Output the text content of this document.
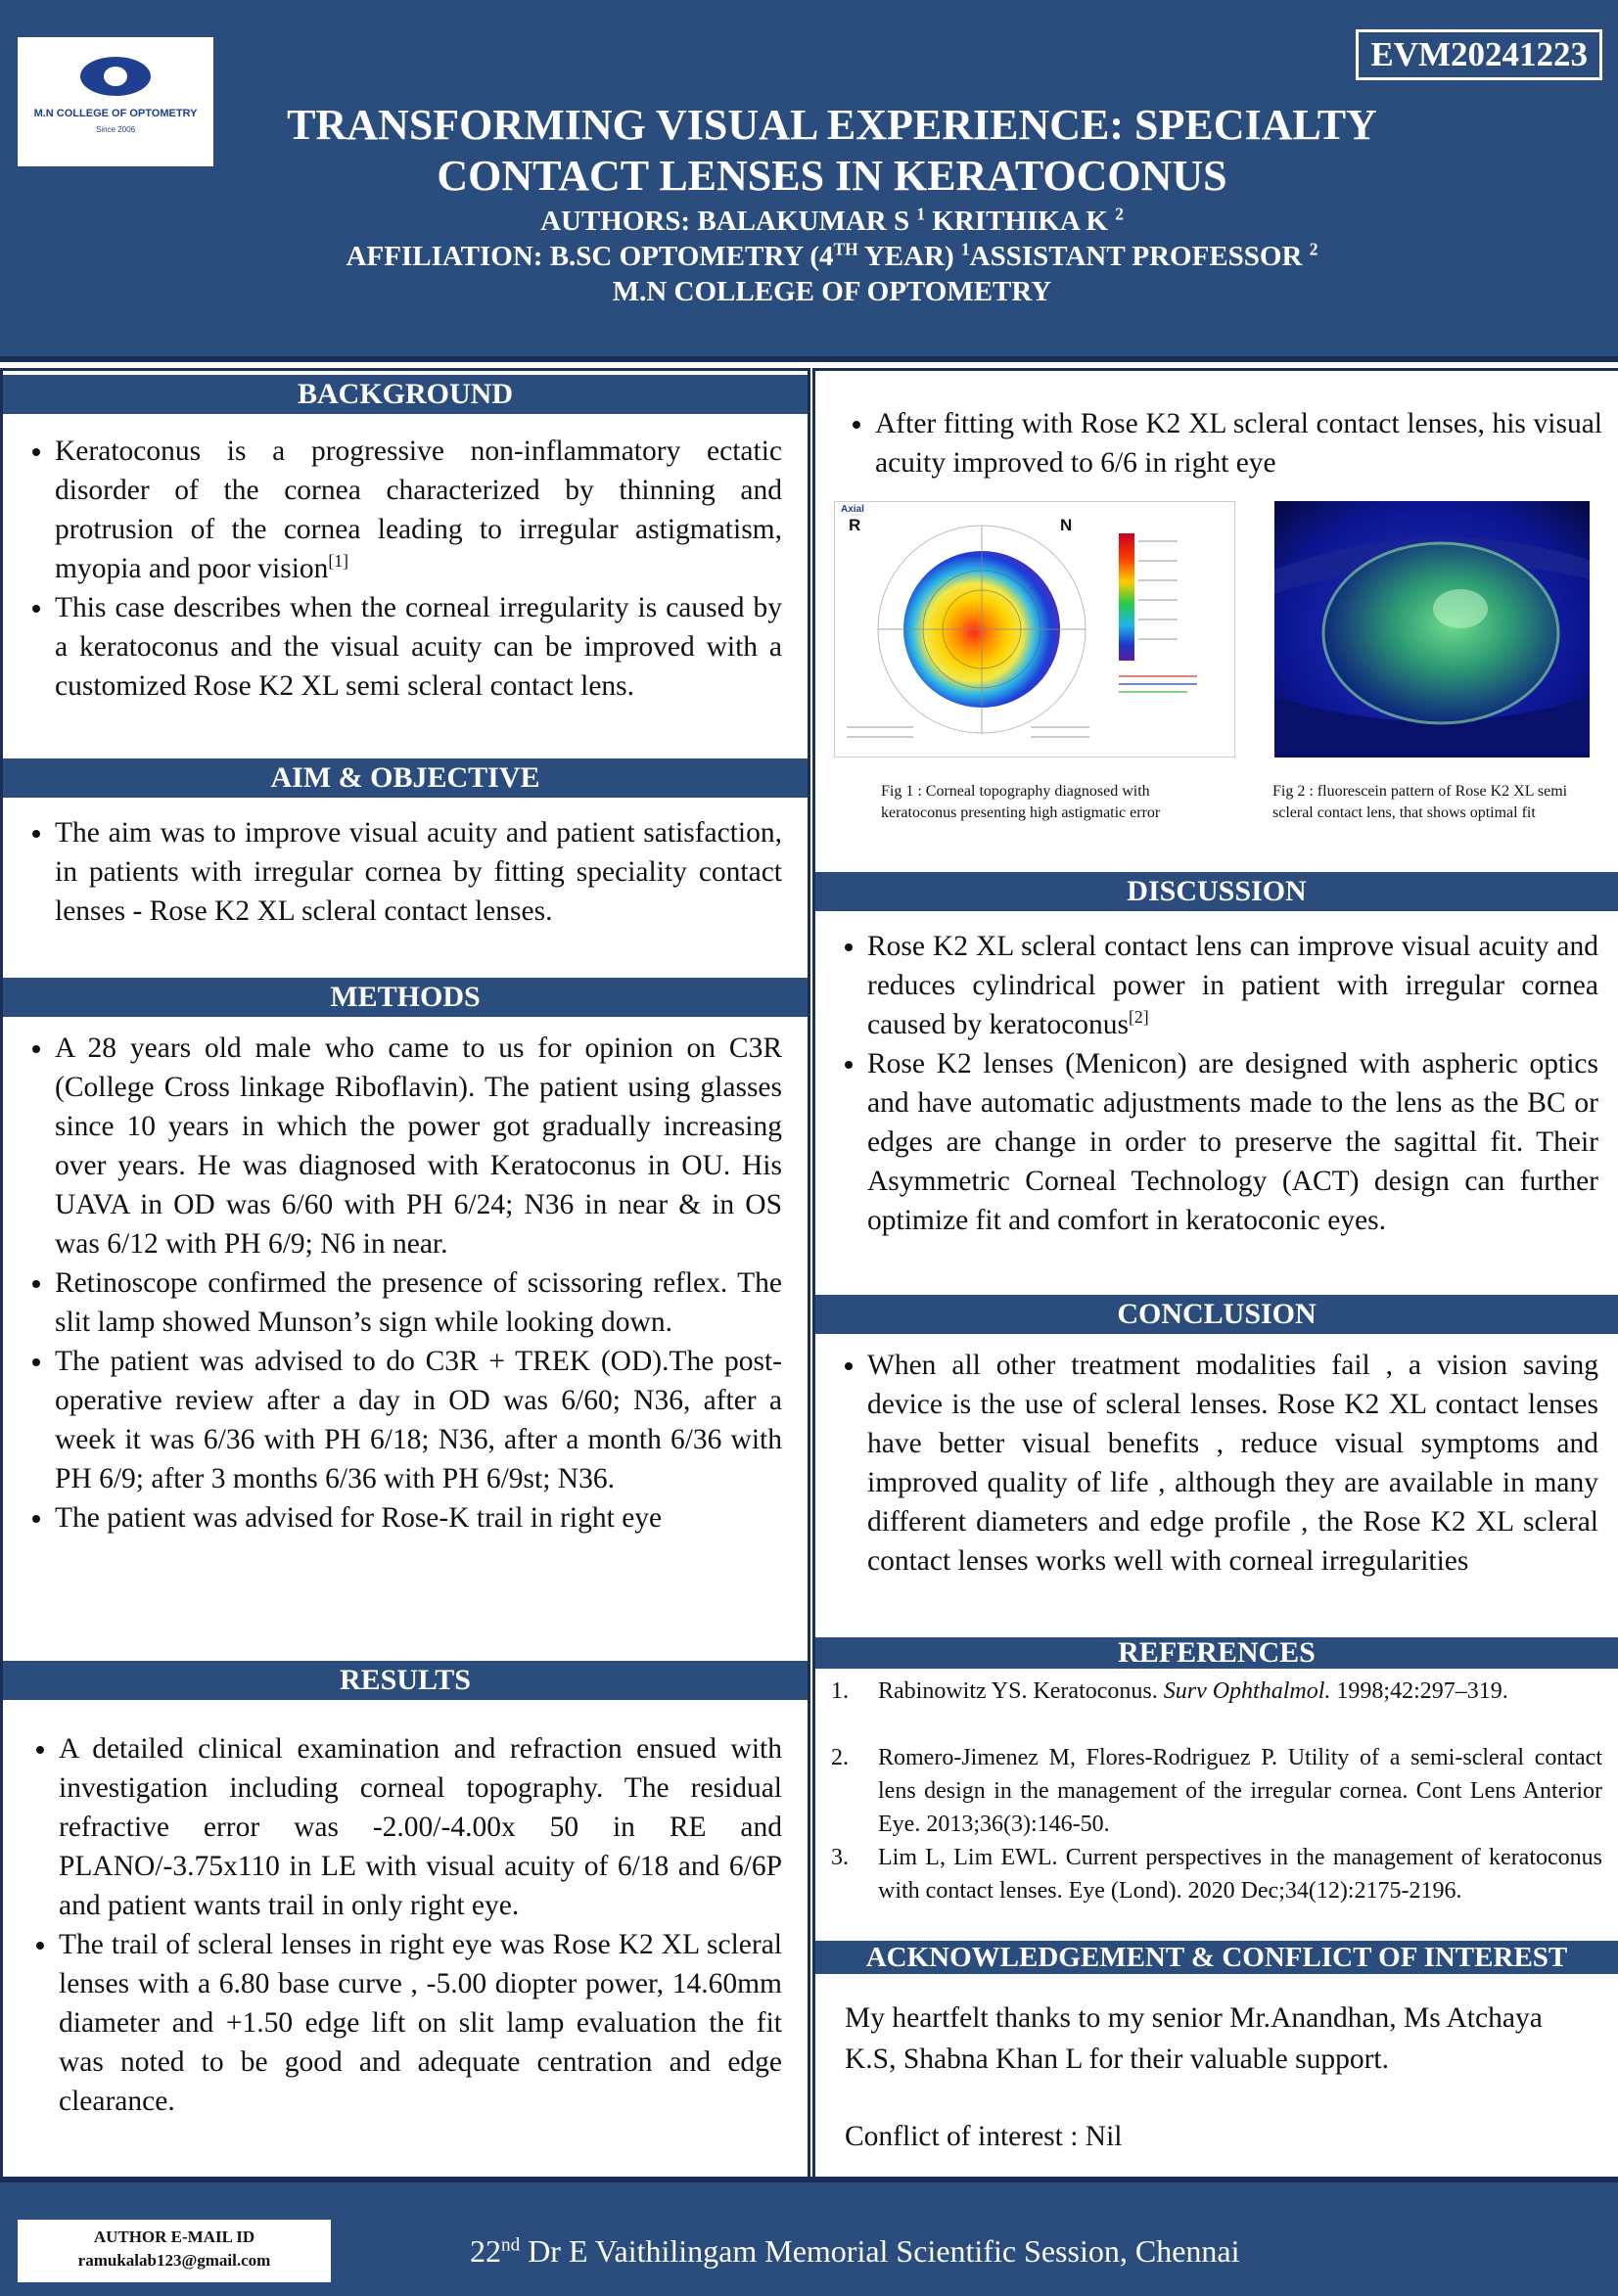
M.N COLLEGE OF OPTOMETRY
Since 2006
EVM20241223
TRANSFORMING VISUAL EXPERIENCE: SPECIALTY
CONTACT LENSES IN KERATOCONUS
AUTHORS: BALAKUMAR S $^1$ KRITHIKA K $^2$
AFFILIATION: B.SC OPTOMETRY (4TH YEAR) $^1$ASSISTANT PROFESSOR $^2$
M.N COLLEGE OF OPTOMETRY
BACKGROUND
• Keratoconus is a progressive non-inflammatory ectatic disorder of the cornea characterized by thinning and protrusion of the cornea leading to irregular astigmatism, myopia and poor vision[1]
• This case describes when the corneal irregularity is caused by a keratoconus and the visual acuity can be improved with a customized Rose K2 XL semi scleral contact lens.
AIM & OBJECTIVE
• The aim was to improve visual acuity and patient satisfaction, in patients with irregular cornea by fitting speciality contact lenses - Rose K2 XL scleral contact lenses.
METHODS
• A 28 years old male who came to us for opinion on C3R (College Cross linkage Riboflavin). The patient using glasses since 10 years in which the power got gradually increasing over years. He was diagnosed with Keratoconus in OU. His UAVA in OD was 6/60 with PH 6/24; N36 in near & in OS was 6/12 with PH 6/9; N6 in near.
• Retinoscope confirmed the presence of scissoring reflex. The slit lamp showed Munson’s sign while looking down.
• The patient was advised to do C3R + TREK (OD).The post-operative review after a day in OD was 6/60; N36, after a week it was 6/36 with PH 6/18; N36, after a month 6/36 with PH 6/9; after 3 months 6/36 with PH 6/9st; N36.
• The patient was advised for Rose-K trail in right eye
RESULTS
• A detailed clinical examination and refraction ensued with investigation including corneal topography. The residual refractive error was -2.00/-4.00x 50 in RE and PLANO/-3.75x110 in LE with visual acuity of 6/18 and 6/6P and patient wants trail in only right eye.
• The trail of scleral lenses in right eye was Rose K2 XL scleral lenses with a 6.80 base curve , -5.00 diopter power, 14.60mm diameter and +1.50 edge lift on slit lamp evaluation the fit was noted to be good and adequate centration and edge clearance.
• After fitting with Rose K2 XL scleral contact lenses, his visual acuity improved to 6/6 in right eye
DISCUSSION
• Rose K2 XL scleral contact lens can improve visual acuity and reduces cylindrical power in patient with irregular cornea caused by keratoconus[2]
• Rose K2 lenses (Menicon) are designed with aspheric optics and have automatic adjustments made to the lens as the BC or edges are change in order to preserve the sagittal fit. Their Asymmetric Corneal Technology (ACT) design can further optimize fit and comfort in keratoconic eyes.
CONCLUSION
• When all other treatment modalities fail , a vision saving device is the use of scleral lenses. Rose K2 XL contact lenses have better visual benefits , reduce visual symptoms and improved quality of life , although they are available in many different diameters and edge profile , the Rose K2 XL scleral contact lenses works well with corneal irregularities
REFERENCES
1. Rabinowitz YS. Keratoconus. Surv Ophthalmol. 1998;42:297–319.
2. Romero-Jimenez M, Flores-Rodriguez P. Utility of a semi-scleral contact lens design in the management of the irregular cornea. Cont Lens Anterior Eye. 2013;36(3):146-50.
3. Lim L, Lim EWL. Current perspectives in the management of keratoconus with contact lenses. Eye (Lond). 2020 Dec;34(12):2175-2196.
ACKNOWLEDGEMENT & CONFLICT OF INTEREST
My heartfelt thanks to my senior Mr.Anandhan, Ms Atchaya K.S, Shabna Khan L for their valuable support.
Conflict of interest : Nil
Axial
R	N
Fig 1 : Corneal topography diagnosed with keratoconus presenting high astigmatic error
Fig 2 : fluorescein pattern of Rose K2 XL semi scleral contact lens, that shows optimal fit
AUTHOR E-MAIL ID
ramukalab123@gmail.com	22nd Dr E Vaithilingam Memorial Scientific Session, Chennai
